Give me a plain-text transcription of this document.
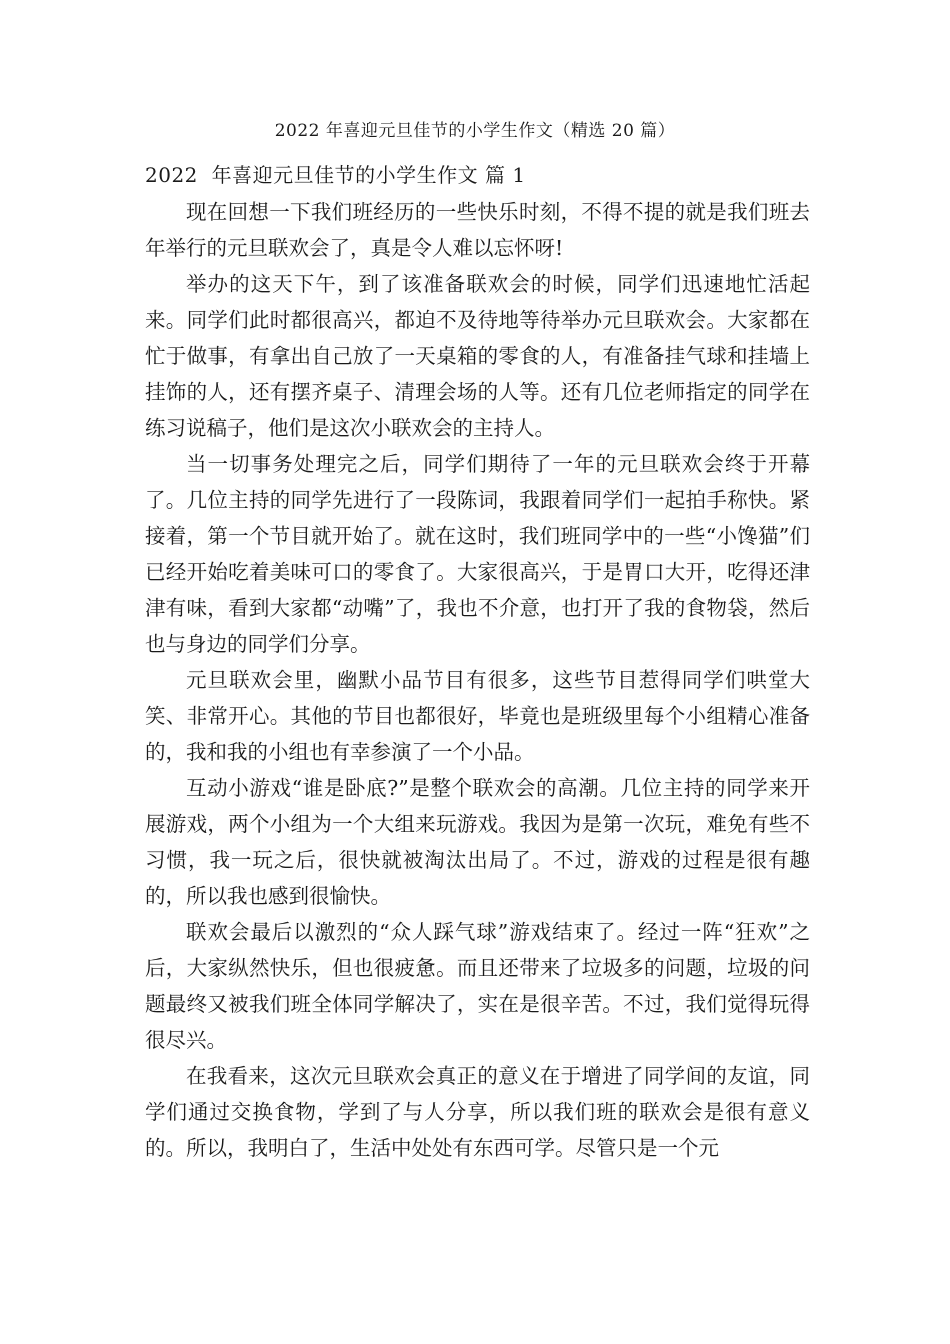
2022 年喜迎元旦佳节的小学生作文（精选 20 篇）
2022  年喜迎元旦佳节的小学生作文 篇 1

现在回想一下我们班经历的一些快乐时刻，不得不提的就是我们班去年举行的元旦联欢会了，真是令人难以忘怀呀!

举办的这天下午，到了该准备联欢会的时候，同学们迅速地忙活起来。同学们此时都很高兴，都迫不及待地等待举办元旦联欢会。大家都在忙于做事，有拿出自己放了一天桌箱的零食的人，有准备挂气球和挂墙上挂饰的人，还有摆齐桌子、清理会场的人等。还有几位老师指定的同学在练习说稿子，他们是这次小联欢会的主持人。

当一切事务处理完之后，同学们期待了一年的元旦联欢会终于开幕了。几位主持的同学先进行了一段陈词，我跟着同学们一起拍手称快。紧接着，第一个节目就开始了。就在这时，我们班同学中的一些“小馋猫”们已经开始吃着美味可口的零食了。大家很高兴，于是胃口大开，吃得还津津有味，看到大家都“动嘴”了，我也不介意，也打开了我的食物袋，然后也与身边的同学们分享。

元旦联欢会里，幽默小品节目有很多，这些节目惹得同学们哄堂大笑、非常开心。其他的节目也都很好，毕竟也是班级里每个小组精心准备的，我和我的小组也有幸参演了一个小品。

互动小游戏“谁是卧底?”是整个联欢会的高潮。几位主持的同学来开展游戏，两个小组为一个大组来玩游戏。我因为是第一次玩，难免有些不习惯，我一玩之后，很快就被淘汰出局了。不过，游戏的过程是很有趣的，所以我也感到很愉快。

联欢会最后以激烈的“众人踩气球”游戏结束了。经过一阵“狂欢”之后，大家纵然快乐，但也很疲惫。而且还带来了垃圾多的问题，垃圾的问题最终又被我们班全体同学解决了，实在是很辛苦。不过，我们觉得玩得很尽兴。

在我看来，这次元旦联欢会真正的意义在于增进了同学间的友谊，同学们通过交换食物，学到了与人分享，所以我们班的联欢会是很有意义的。所以，我明白了，生活中处处有东西可学。尽管只是一个元
